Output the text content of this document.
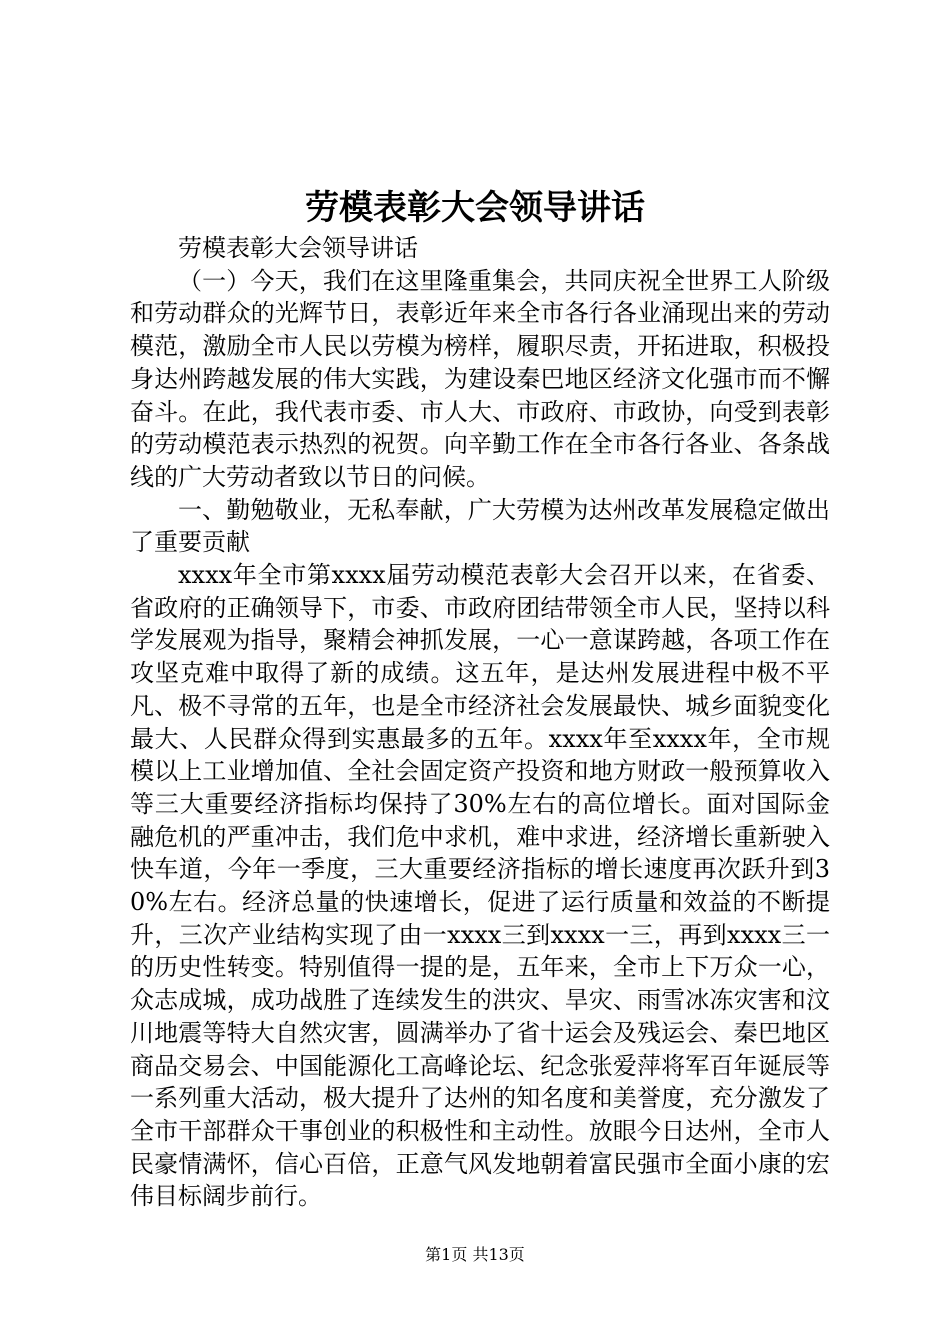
劳模表彰大会领导讲话

劳模表彰大会领导讲话

（一）今天，我们在这里隆重集会，共同庆祝全世界工人阶级和劳动群众的光辉节日，表彰近年来全市各行各业涌现出来的劳动模范，激励全市人民以劳模为榜样，履职尽责，开拓进取，积极投身达州跨越发展的伟大实践，为建设秦巴地区经济文化强市而不懈奋斗。在此，我代表市委、市人大、市政府、市政协，向受到表彰的劳动模范表示热烈的祝贺。向辛勤工作在全市各行各业、各条战线的广大劳动者致以节日的问候。

一、勤勉敬业，无私奉献，广大劳模为达州改革发展稳定做出了重要贡献

xxxx年全市第xxxx届劳动模范表彰大会召开以来，在省委、省政府的正确领导下，市委、市政府团结带领全市人民，坚持以科学发展观为指导，聚精会神抓发展，一心一意谋跨越，各项工作在攻坚克难中取得了新的成绩。这五年，是达州发展进程中极不平凡、极不寻常的五年，也是全市经济社会发展最快、城乡面貌变化最大、人民群众得到实惠最多的五年。xxxx年至xxxx年，全市规模以上工业增加值、全社会固定资产投资和地方财政一般预算收入等三大重要经济指标均保持了30%左右的高位增长。面对国际金融危机的严重冲击，我们危中求机，难中求进，经济增长重新驶入快车道，今年一季度，三大重要经济指标的增长速度再次跃升到30%左右。经济总量的快速增长，促进了运行质量和效益的不断提升，三次产业结构实现了由一xxxx三到xxxx一三，再到xxxx三一的历史性转变。特别值得一提的是，五年来，全市上下万众一心，众志成城，成功战胜了连续发生的洪灾、旱灾、雨雪冰冻灾害和汶川地震等特大自然灾害，圆满举办了省十运会及残运会、秦巴地区商品交易会、中国能源化工高峰论坛、纪念张爱萍将军百年诞辰等一系列重大活动，极大提升了达州的知名度和美誉度，充分激发了全市干部群众干事创业的积极性和主动性。放眼今日达州，全市人民豪情满怀，信心百倍，正意气风发地朝着富民强市全面小康的宏伟目标阔步前行。

第1页 共13页
